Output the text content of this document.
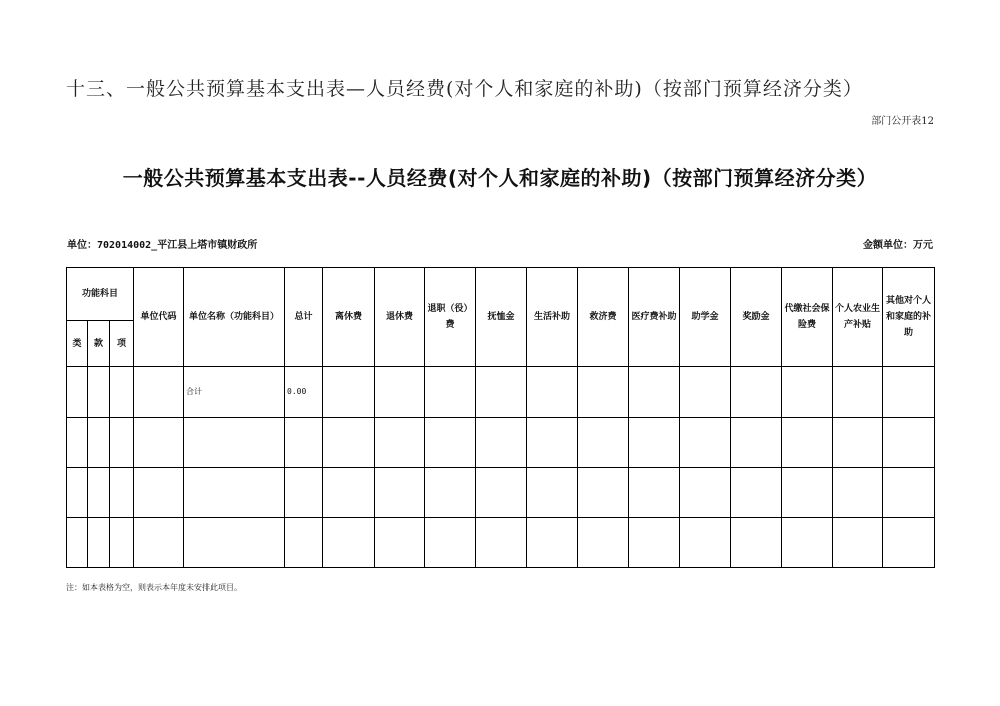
十三、一般公共预算基本支出表—人员经费(对个人和家庭的补助)（按部门预算经济分类）
部门公开表12
一般公共预算基本支出表--人员经费(对个人和家庭的补助)（按部门预算经济分类）
单位：702014002_平江县上塔市镇财政所	金额单位：万元
功能科目			单位代码	单位名称（功能科目）	总计	离休费	退休费	退职（役）费	抚恤金	生活补助	救济费	医疗费补助	助学金	奖励金	代缴社会保险费	个人农业生产补贴	其他对个人和家庭的补助
类	款	项															
				合计	0.00												

注：如本表格为空，则表示本年度未安排此项目。
